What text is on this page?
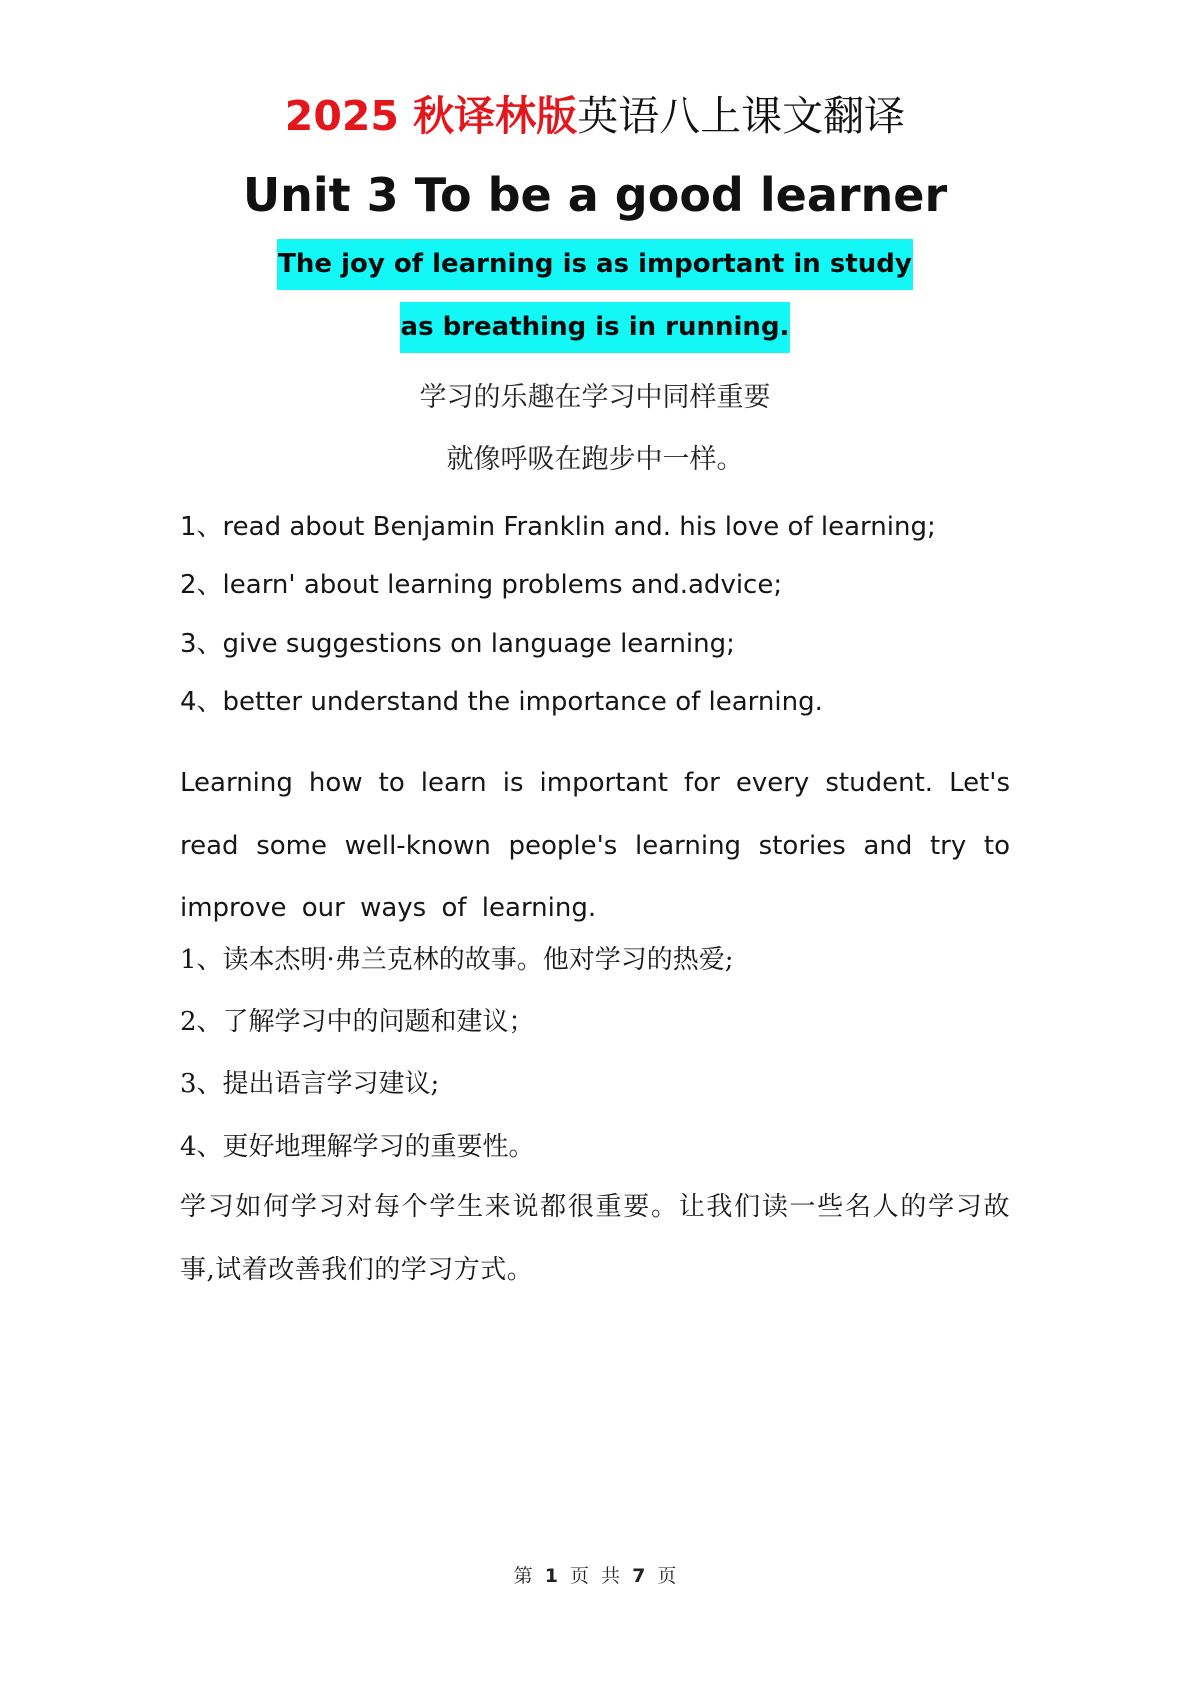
2025 秋译林版英语八上课文翻译
Unit 3 To be a good learner
The joy of learning is as important in study
as breathing is in running.
学习的乐趣在学习中同样重要
就像呼吸在跑步中一样。
1、read about Benjamin Franklin and. his love of learning;
2、learn' about learning problems and.advice;
3、give suggestions on language learning;
4、better understand the importance of learning.
Learning how to learn is important for every student. Let's read some well-known people's learning stories and try to improve our ways of learning.
1、读本杰明·弗兰克林的故事。他对学习的热爱;
2、了解学习中的问题和建议；
3、提出语言学习建议;
4、更好地理解学习的重要性。
学习如何学习对每个学生来说都很重要。让我们读一些名人的学习故事,试着改善我们的学习方式。
第 1 页 共 7 页
